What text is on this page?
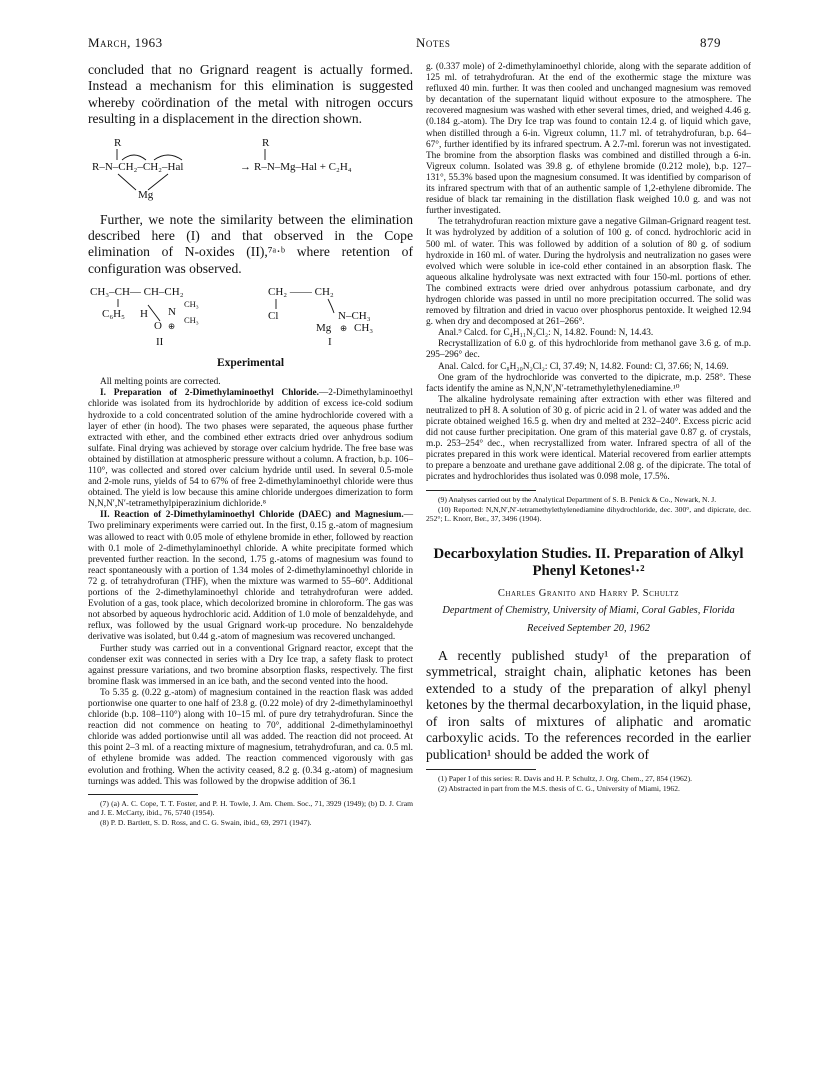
March, 1963	Notes	879

concluded that no Grignard reagent is actually formed. Instead a mechanism for this elimination is suggested whereby coördination of the metal with nitrogen occurs resulting in a displacement in the direction shown.

R
R–N–CH₂–CH₂–Hal
Mg
→
R
R–N–Mg–Hal + C₂H₄

Further, we note the similarity between the elimination described here (I) and that observed in the Cope elimination of N-oxides (II),⁷ᵃ·ᵇ where retention of configuration was observed.

CH₃–CH— CH–CH₂
C₆H₅ H N
CH₃
CH₃
O ⊕
II
CH₂ —— CH₂
Cl	N–CH₃
Mg ⊕ CH₃
I
Experimental

All melting points are corrected.

I. Preparation of 2-Dimethylaminoethyl Chloride.—2-Dimethylaminoethyl chloride was isolated from its hydrochloride by addition of excess ice-cold sodium hydroxide to a cold concentrated solution of the amine hydrochloride covered with a layer of ether (in hood). The two phases were separated, the aqueous phase further extracted with ether, and the combined ether extracts dried over anhydrous sodium sulfate. Final drying was achieved by storage over calcium hydride. The free base was obtained by distillation at atmospheric pressure without a column. A fraction, b.p. 106–110°, was collected and stored over calcium hydride until used. In several 0.5-mole and 2-mole runs, yields of 54 to 67% of free 2-dimethylaminoethyl chloride were thus obtained. The yield is low because this amine chloride undergoes dimerization to form N,N,N′,N′-tetramethylpiperazinium dichloride.⁸

II. Reaction of 2-Dimethylaminoethyl Chloride (DAEC) and Magnesium.—Two preliminary experiments were carried out. In the first, 0.15 g.-atom of magnesium was allowed to react with 0.05 mole of ethylene bromide in ether, followed by reaction with 0.1 mole of 2-dimethylaminoethyl chloride. A white precipitate formed which prevented further reaction. In the second, 1.75 g.-atoms of magnesium was found to react spontaneously with a portion of 1.34 moles of 2-dimethylaminoethyl chloride in 72 g. of tetrahydrofuran (THF), when the mixture was warmed to 55–60°. Additional portions of the 2-dimethylaminoethyl chloride and tetrahydrofuran were added. Evolution of a gas, took place, which decolorized bromine in chloroform. The gas was not absorbed by aqueous hydrochloric acid. Addition of 1.0 mole of benzaldehyde, and reflux, was followed by the usual Grignard work-up procedure. No benzaldehyde derivative was isolated, but 0.44 g.-atom of magnesium was recovered unchanged.

Further study was carried out in a conventional Grignard reactor, except that the condenser exit was connected in series with a Dry Ice trap, a safety flask to protect against pressure variations, and two bromine absorption flasks, respectively. The first bromine flask was immersed in an ice bath, and the second vented into the hood.

To 5.35 g. (0.22 g.-atom) of magnesium contained in the reaction flask was added portionwise one quarter to one half of 23.8 g. (0.22 mole) of dry 2-dimethylaminoethyl chloride (b.p. 108–110°) along with 10–15 ml. of pure dry tetrahydrofuran. Since the reaction did not commence on heating to 70°, additional 2-dimethylaminoethyl chloride was added portionwise until all was added. The reaction did not proceed. At this point 2–3 ml. of a reacting mixture of magnesium, tetrahydrofuran, and ca. 0.5 ml. of ethylene bromide was added. The reaction commenced vigorously with gas evolution and frothing. When the activity ceased, 8.2 g. (0.34 g.-atom) of magnesium turnings was added. This was followed by the dropwise addition of 36.1

(7) (a) A. C. Cope, T. T. Foster, and P. H. Towle, J. Am. Chem. Soc., 71, 3929 (1949); (b) D. J. Cram and J. E. McCarty, ibid., 76, 5740 (1954).

(8) P. D. Bartlett, S. D. Ross, and C. G. Swain, ibid., 69, 2971 (1947).

g. (0.337 mole) of 2-dimethylaminoethyl chloride, along with the separate addition of 125 ml. of tetrahydrofuran. At the end of the exothermic stage the mixture was refluxed 40 min. further. It was then cooled and unchanged magnesium was removed by decantation of the supernatant liquid without exposure to the atmosphere. The recovered magnesium was washed with ether several times, dried, and weighed 4.46 g. (0.184 g.-atom). The Dry Ice trap was found to contain 12.4 g. of liquid which gave, when distilled through a 6-in. Vigreux column, 11.7 ml. of tetrahydrofuran, b.p. 64–67°, further identified by its infrared spectrum. A 2.7-ml. forerun was not investigated. The bromine from the absorption flasks was combined and distilled through a 6-in. Vigreux column. Isolated was 39.8 g. of ethylene bromide (0.212 mole), b.p. 127–131°, 55.3% based upon the magnesium consumed. It was identified by comparison of its infrared spectrum with that of an authentic sample of 1,2-ethylene dibromide. The residue of black tar remaining in the distillation flask weighed 10.0 g. and was not further investigated.

The tetrahydrofuran reaction mixture gave a negative Gilman-Grignard reagent test. It was hydrolyzed by addition of a solution of 100 g. of concd. hydrochloric acid in 500 ml. of water. This was followed by addition of a solution of 80 g. of sodium hydroxide in 160 ml. of water. During the hydrolysis and neutralization no gases were evolved which were soluble in ice-cold ether contained in an absorption flask. The aqueous alkaline hydrolysate was next extracted with four 150-ml. portions of ether. The combined extracts were dried over anhydrous potassium carbonate, and dry hydrogen chloride was passed in until no more precipitation occurred. The solid was removed by filtration and dried in vacuo over phosphorus pentoxide. It weighed 12.94 g. when dry and decomposed at 261–266°.

Anal.⁹ Calcd. for C₄H₁₁N₂Cl₂: N, 14.82. Found: N, 14.43.

Recrystallization of 6.0 g. of this hydrochloride from methanol gave 3.6 g. of m.p. 295–296° dec.

Anal. Calcd. for C₈H₂₀N₂Cl₂: Cl, 37.49; N, 14.82. Found: Cl, 37.66; N, 14.69.

One gram of the hydrochloride was converted to the dipicrate, m.p. 258°. These facts identify the amine as N,N,N′,N′-tetramethylethylenediamine.¹⁰

The alkaline hydrolysate remaining after extraction with ether was filtered and neutralized to pH 8. A solution of 30 g. of picric acid in 2 l. of water was added and the picrate obtained weighed 16.5 g. when dry and melted at 232–240°. Excess picric acid did not cause further precipitation. One gram of this material gave 0.87 g. of crystals, m.p. 253–254° dec., when recrystallized from water. Infrared spectra of all of the picrates prepared in this work were identical. Material recovered from earlier attempts to prepare a benzoate and urethane gave additional 2.08 g. of the dipicrate. The total of picrates and hydrochlorides thus isolated was 0.098 mole, 17.5%.

(9) Analyses carried out by the Analytical Department of S. B. Penick & Co., Newark, N. J.

(10) Reported: N,N,N′,N′-tetramethylethylenediamine dihydrochloride, dec. 300°, and dipicrate, dec. 252°; L. Knorr, Ber., 37, 3496 (1904).

Decarboxylation Studies. II. Preparation of Alkyl Phenyl Ketones¹·²

Charles Granito and Harry P. Schultz

Department of Chemistry, University of Miami, Coral Gables, Florida

Received September 20, 1962

A recently published study¹ of the preparation of symmetrical, straight chain, aliphatic ketones has been extended to a study of the preparation of alkyl phenyl ketones by the thermal decarboxylation, in the liquid phase, of iron salts of mixtures of aliphatic and aromatic carboxylic acids. To the references recorded in the earlier publication¹ should be added the work of

(1) Paper I of this series: R. Davis and H. P. Schultz, J. Org. Chem., 27, 854 (1962).

(2) Abstracted in part from the M.S. thesis of C. G., University of Miami, 1962.
